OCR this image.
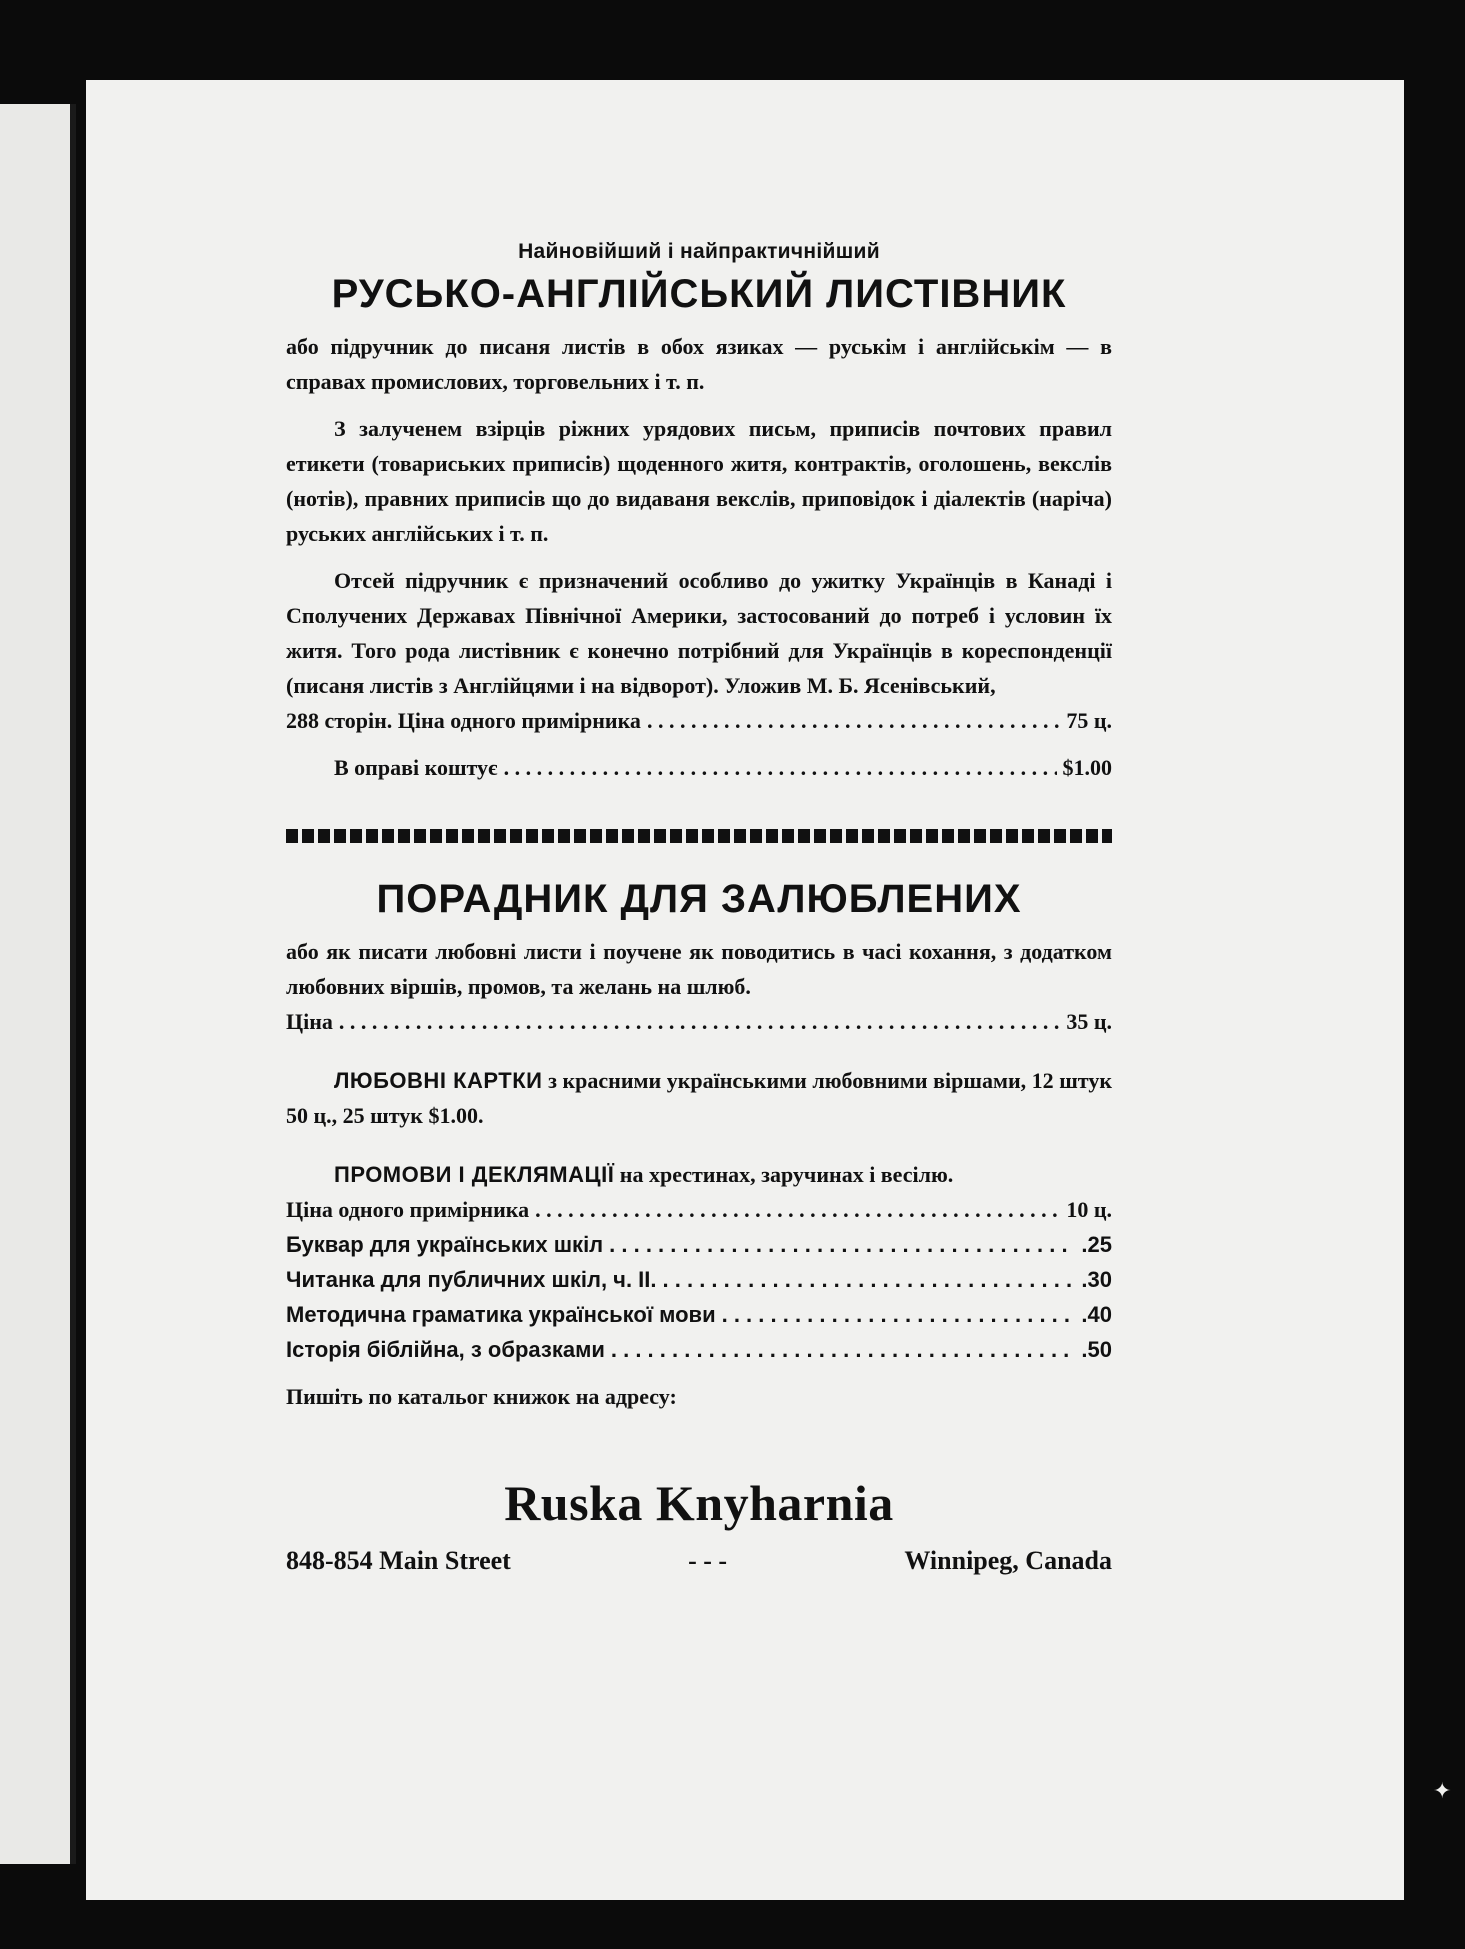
Найновійший і найпрактичнійший
РУСЬКО-АНГЛІЙСЬКИЙ ЛИСТІВНИК
або підручник до писаня листів в обох язиках — руськім і англійськім — в справах промислових, торговельних і т. п.
З залученем взірців ріжних урядових письм, приписів почтових правил етикети (товариських приписів) щоденного житя, контрактів, оголошень, векслів (нотів), правних приписів що до видаваня векслів, приповідок і діалектів (наріча) руських англійських і т. п.
Отсей підручник є призначений особливо до ужитку Українців в Канаді і Сполучених Державах Північної Америки, застосований до потреб і условин їх житя. Того рода листівник є конечно потрібний для Українців в кореспонденції (писаня листів з Англійцями і на відворот). Уложив М. Б. Ясенівський,
288 сторін. Ціна одного примірника . . .	75 ц.
В оправі коштує . . .	$1.00
ПОРАДНИК ДЛЯ ЗАЛЮБЛЕНИХ
або як писати любовні листи і поучене як поводитись в часі кохання, з додатком любовних віршів, промов, та желань на шлюб.
Ціна . . .	35 ц.
ЛЮБОВНІ КАРТКИ з красними українськими любовними віршами, 12 штук 50 ц., 25 штук $1.00.
ПРОМОВИ І ДЕКЛЯМАЦІЇ на хрестинах, заручинах і весілю.
Ціна одного примірника . . .	10 ц.
Буквар для українських шкіл . . .	.25
Читанка для публичних шкіл, ч. II. . . .	.30
Методична граматика української мови . . .	.40
Історія біблійна, з образками . . .	.50
Пишіть по катальог книжок на адресу:
Ruska Knyharnia
848-854 Main Street	- - -	Winnipeg, Canada
✦
